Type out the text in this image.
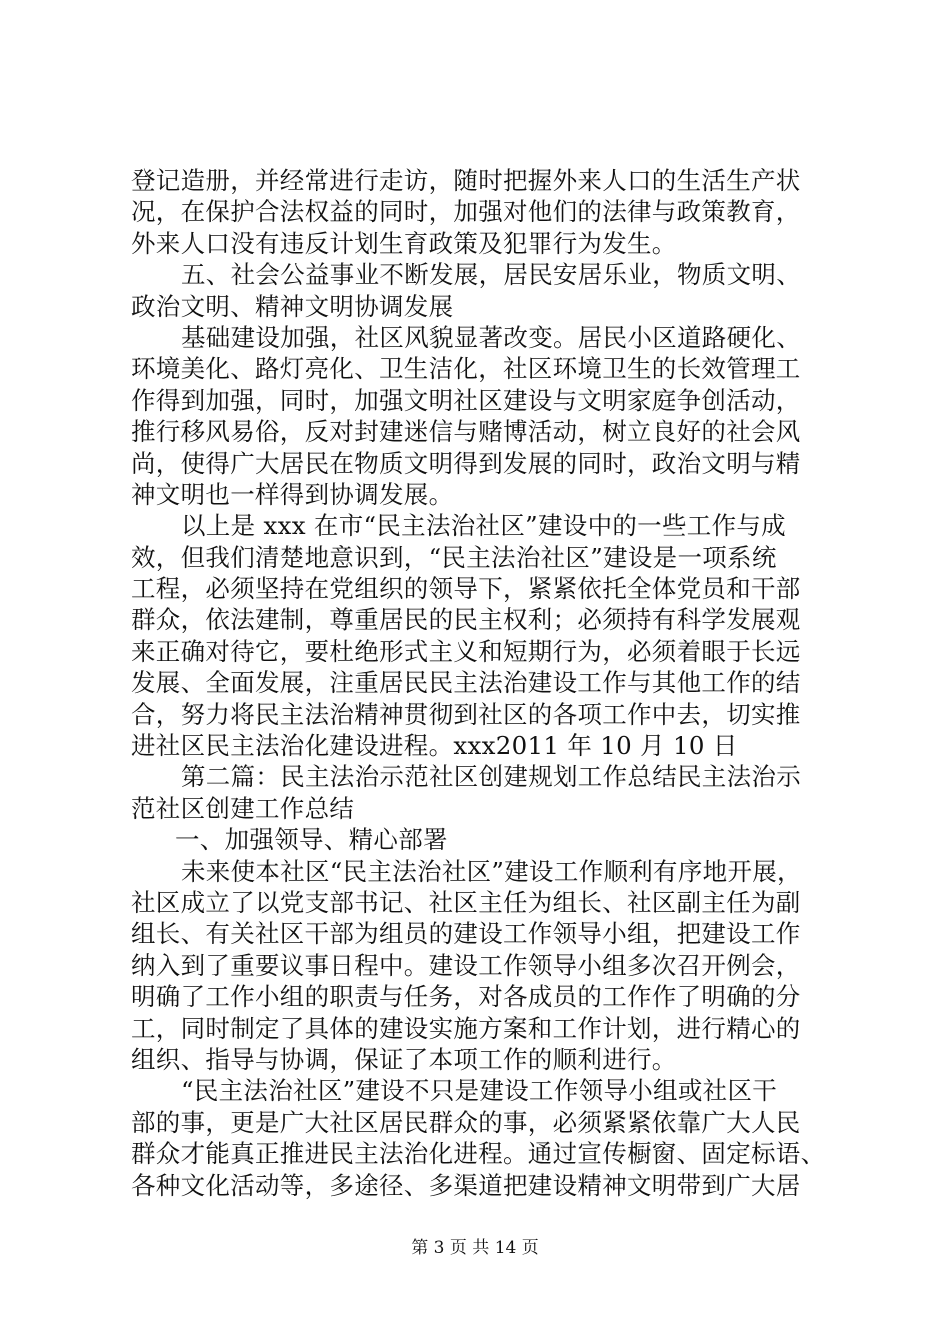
登记造册，并经常进行走访，随时把握外来人口的生活生产状
况，在保护合法权益的同时，加强对他们的法律与政策教育，
外来人口没有违反计划生育政策及犯罪行为发生。
五、社会公益事业不断发展，居民安居乐业，物质文明、
政治文明、精神文明协调发展
基础建设加强，社区风貌显著改变。居民小区道路硬化、
环境美化、路灯亮化、卫生洁化，社区环境卫生的长效管理工
作得到加强，同时，加强文明社区建设与文明家庭争创活动，
推行移风易俗，反对封建迷信与赌博活动，树立良好的社会风
尚，使得广大居民在物质文明得到发展的同时，政治文明与精
神文明也一样得到协调发展。
以上是 xxx 在市“民主法治社区”建设中的一些工作与成
效，但我们清楚地意识到，“民主法治社区”建设是一项系统
工程，必须坚持在党组织的领导下，紧紧依托全体党员和干部
群众，依法建制，尊重居民的民主权利；必须持有科学发展观
来正确对待它，要杜绝形式主义和短期行为，必须着眼于长远
发展、全面发展，注重居民民主法治建设工作与其他工作的结
合，努力将民主法治精神贯彻到社区的各项工作中去，切实推
进社区民主法治化建设进程。xxx2011 年 10 月 10 日
第二篇：民主法治示范社区创建规划工作总结民主法治示
范社区创建工作总结
一、加强领导、精心部署
未来使本社区“民主法治社区”建设工作顺利有序地开展，
社区成立了以党支部书记、社区主任为组长、社区副主任为副
组长、有关社区干部为组员的建设工作领导小组，把建设工作
纳入到了重要议事日程中。建设工作领导小组多次召开例会，
明确了工作小组的职责与任务，对各成员的工作作了明确的分
工，同时制定了具体的建设实施方案和工作计划，进行精心的
组织、指导与协调，保证了本项工作的顺利进行。
“民主法治社区”建设不只是建设工作领导小组或社区干
部的事，更是广大社区居民群众的事，必须紧紧依靠广大人民
群众才能真正推进民主法治化进程。通过宣传橱窗、固定标语、
各种文化活动等，多途径、多渠道把建设精神文明带到广大居
第 3 页 共 14 页
